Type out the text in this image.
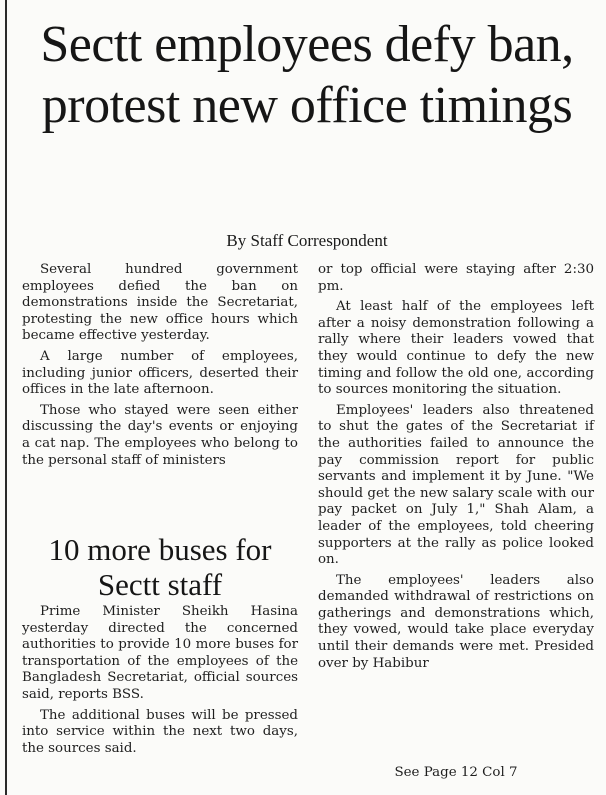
Sectt employees defy ban, protest new office timings
By Staff Correspondent

Several hundred government employees defied the ban on demonstrations inside the Secretariat, protesting the new office hours which became effective yesterday.

A large number of employees, including junior officers, deserted their offices in the late afternoon.

Those who stayed were seen either discussing the day's events or enjoying a cat nap. The employees who belong to the personal staff of ministers

10 more buses for Sectt staff

Prime Minister Sheikh Hasina yesterday directed the concerned authorities to provide 10 more buses for transportation of the employees of the Bangladesh Secretariat, official sources said, reports BSS.

The additional buses will be pressed into service within the next two days, the sources said.

or top official were staying after 2:30 pm.

At least half of the employees left after a noisy demonstration following a rally where their leaders vowed that they would continue to defy the new timing and follow the old one, according to sources monitoring the situation.

Employees' leaders also threatened to shut the gates of the Secretariat if the authorities failed to announce the pay commission report for public servants and implement it by June. "We should get the new salary scale with our pay packet on July 1," Shah Alam, a leader of the employees, told cheering supporters at the rally as police looked on.

The employees' leaders also demanded withdrawal of restrictions on gatherings and demonstrations which, they vowed, would take place everyday until their demands were met. Presided over by Habibur

See Page 12 Col 7
